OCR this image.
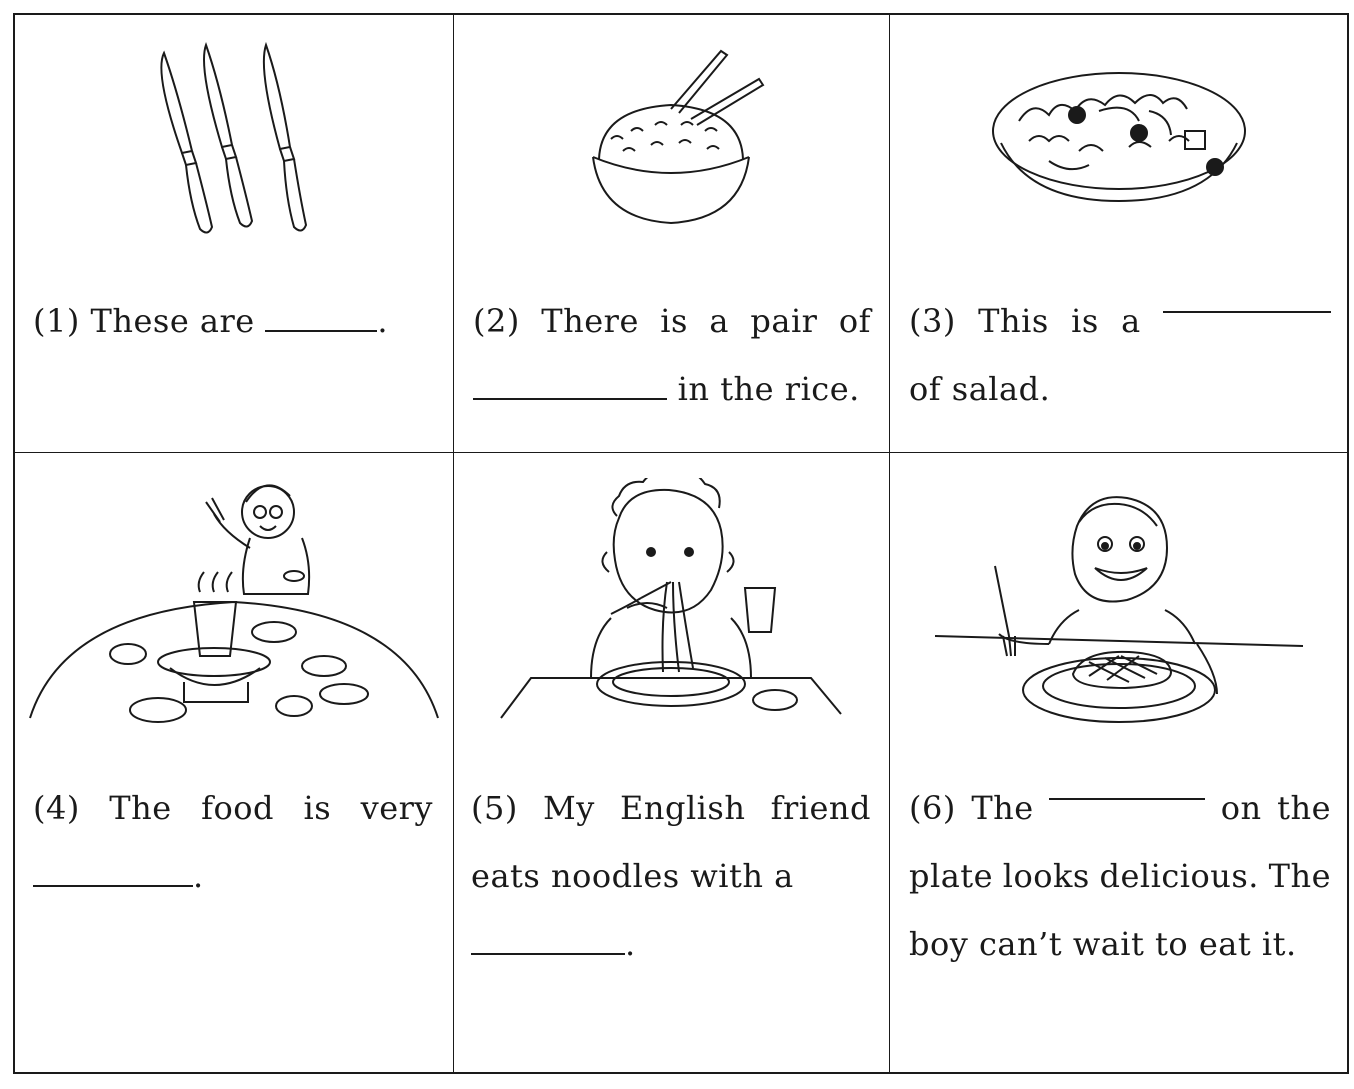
(1) These are	.	(2) There is a pair of

in the rice.

(3) This is a

of salad.

(4) The food is very

.

(5) My English friend

eats noodles with a

.

(6) The	on the

plate looks delicious. The

boy can’t wait to eat it.
